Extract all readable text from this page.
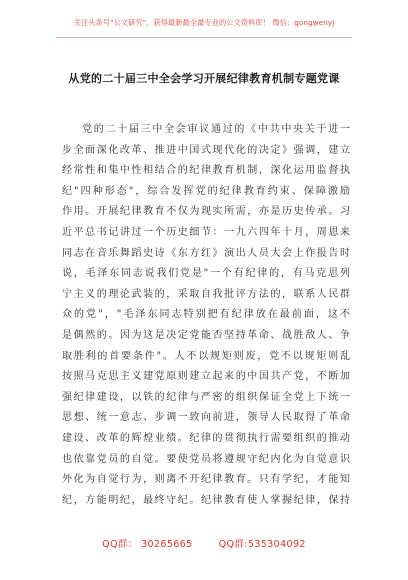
关注头条号"公文研究"，获得最新最全最专业的公文资料库！ 微信：gongwenyj
从党的二十届三中全会学习开展纪律教育机制专题党课
党的二十届三中全会审议通过的《中共中央关于进一
步全面深化改革、推进中国式现代化的决定》强调，建立
经常性和集中性相结合的纪律教育机制，深化运用监督执
纪"四种形态"，综合发挥党的纪律教育约束、保障激励
作用。开展纪律教育不仅为现实所需，亦是历史传承。习
近平总书记讲过一个历史细节：一九六四年十月，周恩来
同志在音乐舞蹈史诗《东方红》演出人员大会上作报告时
说，毛泽东同志说我们党是"一个有纪律的，有马克思列
宁主义的理论武装的，采取自我批评方法的，联系人民群
众的党"，"毛泽东同志特别把有纪律放在最前面，这不
是偶然的。因为这是决定党能否坚持革命、战胜敌人、争
取胜利的首要条件"。人不以规矩则废，党不以规矩则乱
按照马克思主义建党原则建立起来的中国共产党，不断加
强纪律建设，以铁的纪律与严密的组织保证全党上下统一
思想、统一意志、步调一致向前进，领导人民取得了革命
建设、改革的辉煌业绩。纪律的贯彻执行需要组织的推动
也依靠党员的自觉。要使党员将遵规守纪内化为自觉意识
外化为自觉行为，则离不开纪律教育。只有学纪，才能知
纪，方能明纪，最终守纪。纪律教育使人掌握纪律，保持
QQ群： 30265665	QQ群:535304092
